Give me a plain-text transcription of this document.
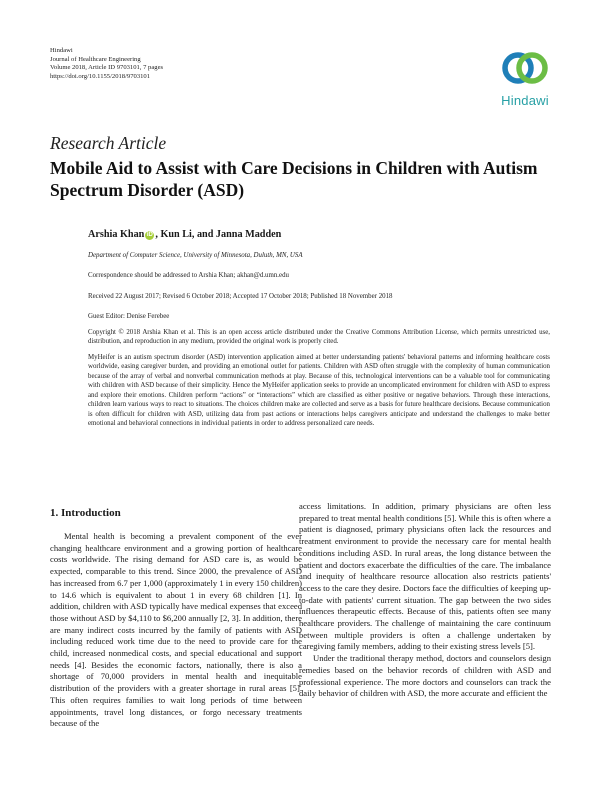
Hindawi
Journal of Healthcare Engineering
Volume 2018, Article ID 9703101, 7 pages
https://doi.org/10.1155/2018/9703101
Hindawi
Research Article
Mobile Aid to Assist with Care Decisions in Children with Autism Spectrum Disorder (ASD)
Arshia Khan iD , Kun Li, and Janna Madden
Department of Computer Science, University of Minnesota, Duluth, MN, USA
Correspondence should be addressed to Arshia Khan; akhan@d.umn.edu
Received 22 August 2017; Revised 6 October 2018; Accepted 17 October 2018; Published 18 November 2018
Guest Editor: Denise Ferebee
Copyright © 2018 Arshia Khan et al. This is an open access article distributed under the Creative Commons Attribution License, which permits unrestricted use, distribution, and reproduction in any medium, provided the original work is properly cited.
MyHeifer is an autism spectrum disorder (ASD) intervention application aimed at better understanding patients' behavioral patterns and informing healthcare costs worldwide, easing caregiver burden, and providing an emotional outlet for patients. Children with ASD often struggle with the complexity of human communication because of the array of verbal and nonverbal communication methods at play. Because of this, technological interventions can be a valuable tool for communicating with children with ASD because of their simplicity. Hence the MyHeifer application seeks to provide an uncomplicated environment for children with ASD to express and explore their emotions. Children perform “actions” or “interactions” which are classified as either positive or negative behaviors. Through these interactions, children learn various ways to react to situations. The choices children make are collected and serve as a basis for future healthcare decisions. Because communication is often difficult for children with ASD, utilizing data from past actions or interactions helps caregivers anticipate and understand the challenges to make better emotional and behavioral connections in individual patients in order to address personalized care needs.
1. Introduction

Mental health is becoming a prevalent component of the ever changing healthcare environment and a growing portion of healthcare costs worldwide. The rising demand for ASD care is, as would be expected, comparable to this trend. Since 2000, the prevalence of ASD has increased from 6.7 per 1,000 (approximately 1 in every 150 children) to 14.6 which is equivalent to about 1 in every 68 children [1]. In addition, children with ASD typically have medical expenses that exceed those without ASD by $4,110 to $6,200 annually [2, 3]. In addition, there are many indirect costs incurred by the family of patients with ASD including reduced work time due to the need to provide care for the child, increased nonmedical costs, and special educational and support needs [4]. Besides the economic factors, nationally, there is also a shortage of 70,000 providers in mental health and inequitable distribution of the providers with a greater shortage in rural areas [5]. This often requires families to wait long periods of time between appointments, travel long distances, or forgo necessary treatments because of the

access limitations. In addition, primary physicians are often less prepared to treat mental health conditions [5]. While this is often where a patient is diagnosed, primary physicians often lack the resources and treatment environment to provide the necessary care for mental health conditions including ASD. In rural areas, the long distance between the patient and doctors exacerbate the difficulties of the care. The imbalance and inequity of healthcare resource allocation also restricts patients' access to the care they desire. Doctors face the difficulties of keeping up-to-date with patients' current situation. The gap between the two sides influences therapeutic effects. Because of this, patients often see many healthcare providers. The challenge of maintaining the care continuum between multiple providers is often a challenge undertaken by caregiving family members, adding to their existing stress levels [5].

Under the traditional therapy method, doctors and counselors design remedies based on the behavior records of children with ASD and professional experience. The more doctors and counselors can track the daily behavior of children with ASD, the more accurate and efficient the
